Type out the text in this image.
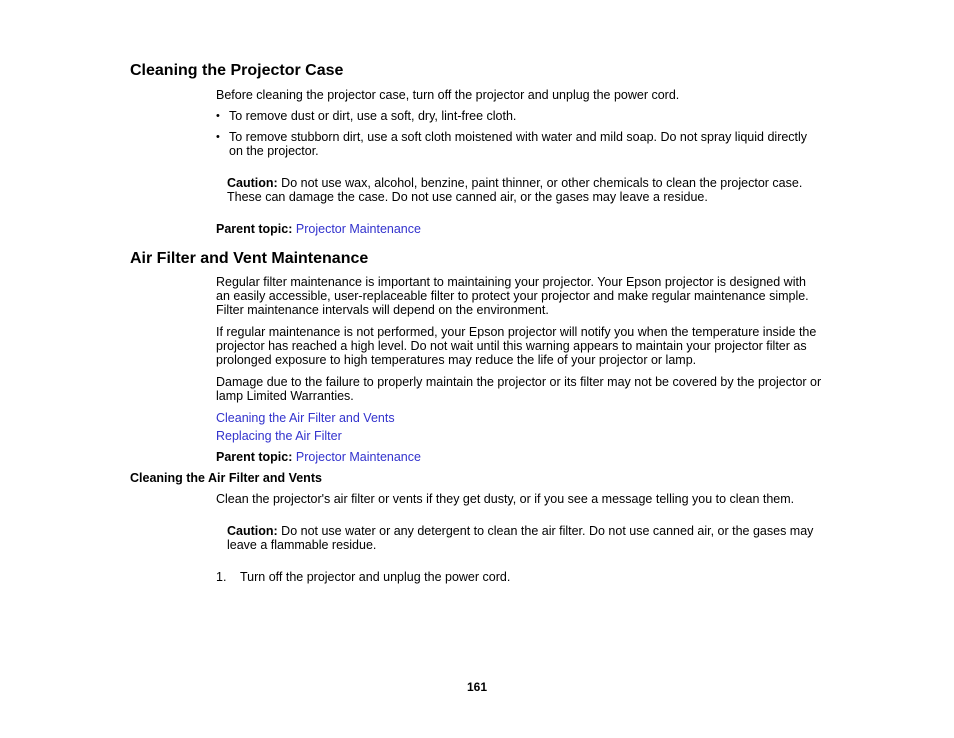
Cleaning the Projector Case
Before cleaning the projector case, turn off the projector and unplug the power cord.
• To remove dust or dirt, use a soft, dry, lint-free cloth.
• To remove stubborn dirt, use a soft cloth moistened with water and mild soap. Do not spray liquid directly on the projector.
Caution: Do not use wax, alcohol, benzine, paint thinner, or other chemicals to clean the projector case. These can damage the case. Do not use canned air, or the gases may leave a residue.
Parent topic: Projector Maintenance
Air Filter and Vent Maintenance
Regular filter maintenance is important to maintaining your projector. Your Epson projector is designed with an easily accessible, user-replaceable filter to protect your projector and make regular maintenance simple. Filter maintenance intervals will depend on the environment.
If regular maintenance is not performed, your Epson projector will notify you when the temperature inside the projector has reached a high level. Do not wait until this warning appears to maintain your projector filter as prolonged exposure to high temperatures may reduce the life of your projector or lamp.
Damage due to the failure to properly maintain the projector or its filter may not be covered by the projector or lamp Limited Warranties.
Cleaning the Air Filter and Vents
Replacing the Air Filter
Parent topic: Projector Maintenance
Cleaning the Air Filter and Vents
Clean the projector's air filter or vents if they get dusty, or if you see a message telling you to clean them.
Caution: Do not use water or any detergent to clean the air filter. Do not use canned air, or the gases may leave a flammable residue.
1.	Turn off the projector and unplug the power cord.
161
